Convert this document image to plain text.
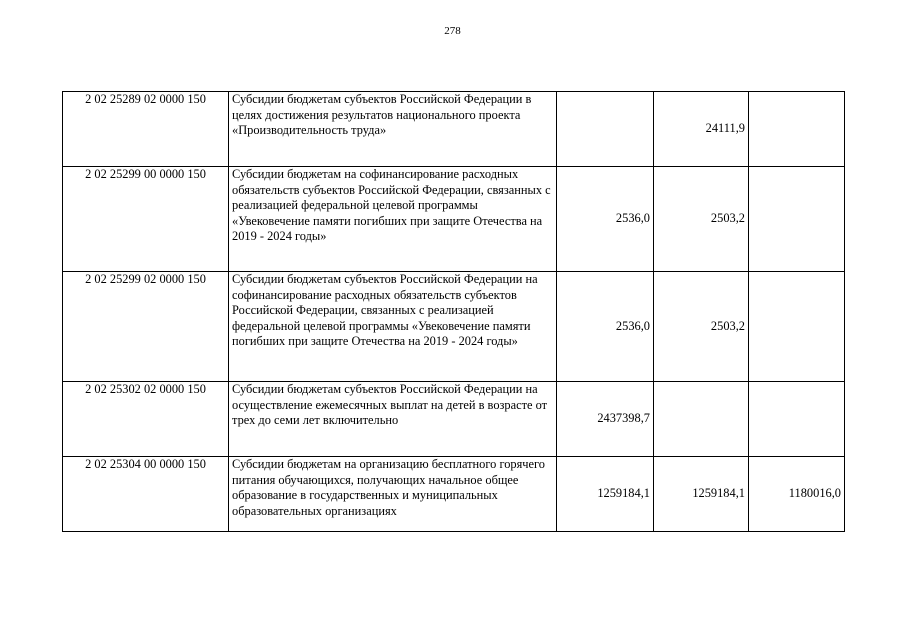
278
2 02 25289 02 0000 150	Субсидии бюджетам субъектов Российской Федерации в целях достижения результатов национального проекта «Производительность труда»		24111,9	
2 02 25299 00 0000 150	Субсидии бюджетам на софинансирование расходных обязательств субъектов Российской Федерации, связанных с реализацией федеральной целевой программы «Увековечение памяти погибших при защите Отечества на 2019 - 2024 годы»	2536,0	2503,2	
2 02 25299 02 0000 150	Субсидии бюджетам субъектов Российской Федерации на софинансирование расходных обязательств субъектов Российской Федерации, связанных с реализацией федеральной целевой программы «Увековечение памяти погибших при защите Отечества на 2019 - 2024 годы»	2536,0	2503,2	
2 02 25302 02 0000 150	Субсидии бюджетам субъектов Российской Федерации на осуществление ежемесячных выплат на детей в возрасте от трех до семи лет включительно	2437398,7		
2 02 25304 00 0000 150	Субсидии бюджетам на организацию бесплатного горячего питания обучающихся, получающих начальное общее образование в государственных и муниципальных образовательных организациях	1259184,1	1259184,1	1180016,0
